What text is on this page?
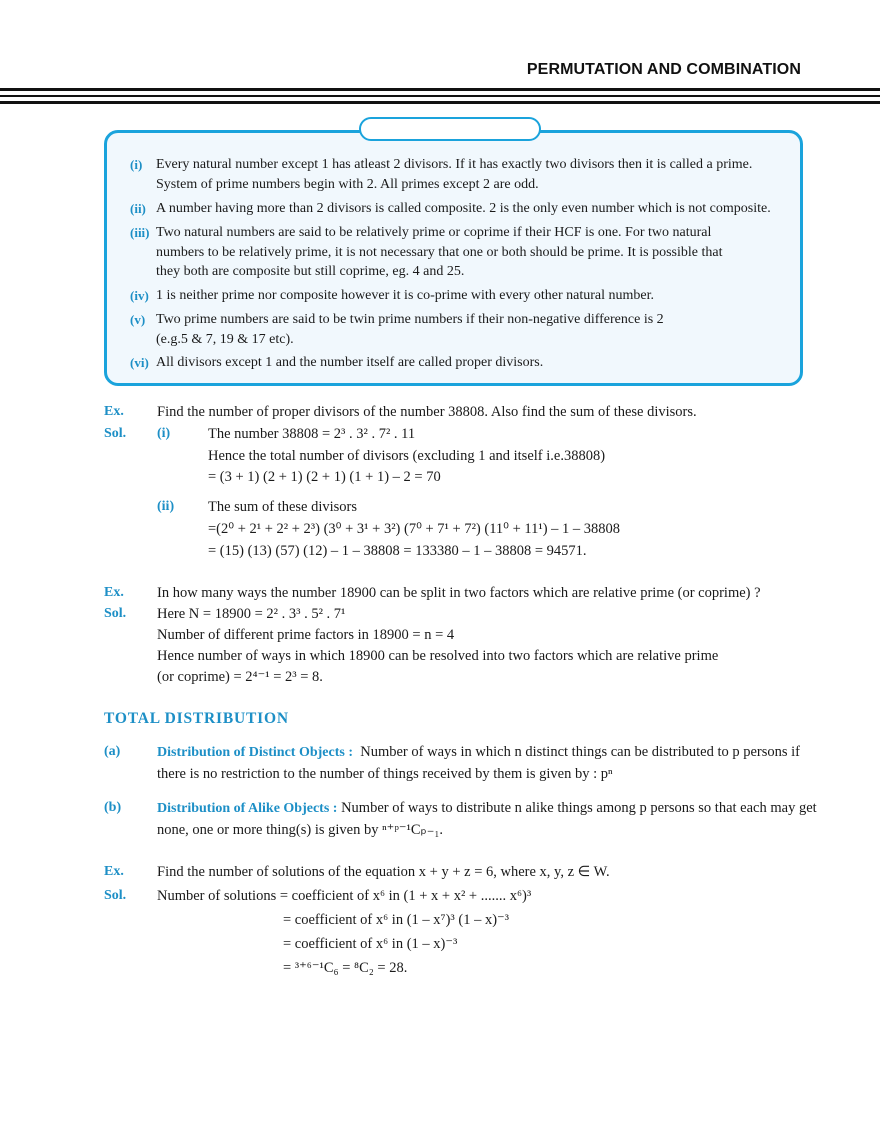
PERMUTATION AND COMBINATION
(i) Every natural number except 1 has atleast 2 divisors. If it has exactly two divisors then it is called a prime.
System of prime numbers begin with 2. All primes except 2 are odd.
(ii) A number having more than 2 divisors is called composite. 2 is the only even number which is not composite.
(iii) Two natural numbers are said to be relatively prime or coprime if their HCF is one. For two natural
numbers to be relatively prime, it is not necessary that one or both should be prime. It is possible that
they both are composite but still coprime, eg. 4 and 25.
(iv) 1 is neither prime nor composite however it is co-prime with every other natural number.
(v) Two prime numbers are said to be twin prime numbers if their non-negative difference is 2
(e.g.5 & 7, 19 & 17 etc).
(vi) All divisors except 1 and the number itself are called proper divisors.
Ex. Find the number of proper divisors of the number 38808. Also find the sum of these divisors.
Sol. (i)	The number 38808 = 2³ . 3² . 7² . 11
Hence the total number of divisors (excluding 1 and itself i.e.38808)
= (3 + 1) (2 + 1) (2 + 1) (1 + 1) – 2 = 70
(ii) The sum of these divisors
=(2⁰ + 2¹ + 2² + 2³) (3⁰ + 3¹ + 3²) (7⁰ + 7¹ + 7²) (11⁰ + 11¹) – 1 – 38808
= (15) (13) (57) (12) – 1 – 38808 = 133380 – 1 – 38808 = 94571.
Ex. In how many ways the number 18900 can be split in two factors which are relative prime (or coprime) ?
Sol. Here N = 18900 = 2² . 3³ . 5² . 7¹
Number of different prime factors in 18900 = n = 4
Hence number of ways in which 18900 can be resolved into two factors which are relative prime
(or coprime) = 2⁴⁻¹ = 2³ = 8.
TOTAL DISTRIBUTION
(a)	Distribution of Distinct Objects : Number of ways in which n distinct things can be distributed to p persons if
there is no restriction to the number of things received by them is given by : pⁿ
(b)	Distribution of Alike Objects : Number of ways to distribute n alike things among p persons so that each may get
none, one or more thing(s) is given by ⁿ⁺ᵖ⁻¹Cₚ₋₁.
Ex. Find the number of solutions of the equation x + y + z = 6, where x, y, z ∈ W.
Sol. Number of solutions = coefficient of x⁶ in (1 + x + x² + ....... x⁶)³
= coefficient of x⁶ in (1 – x⁷)³ (1 – x)⁻³
= coefficient of x⁶ in (1 – x)⁻³
= ³⁺⁶⁻¹C₆ = ⁸C₂ = 28.
